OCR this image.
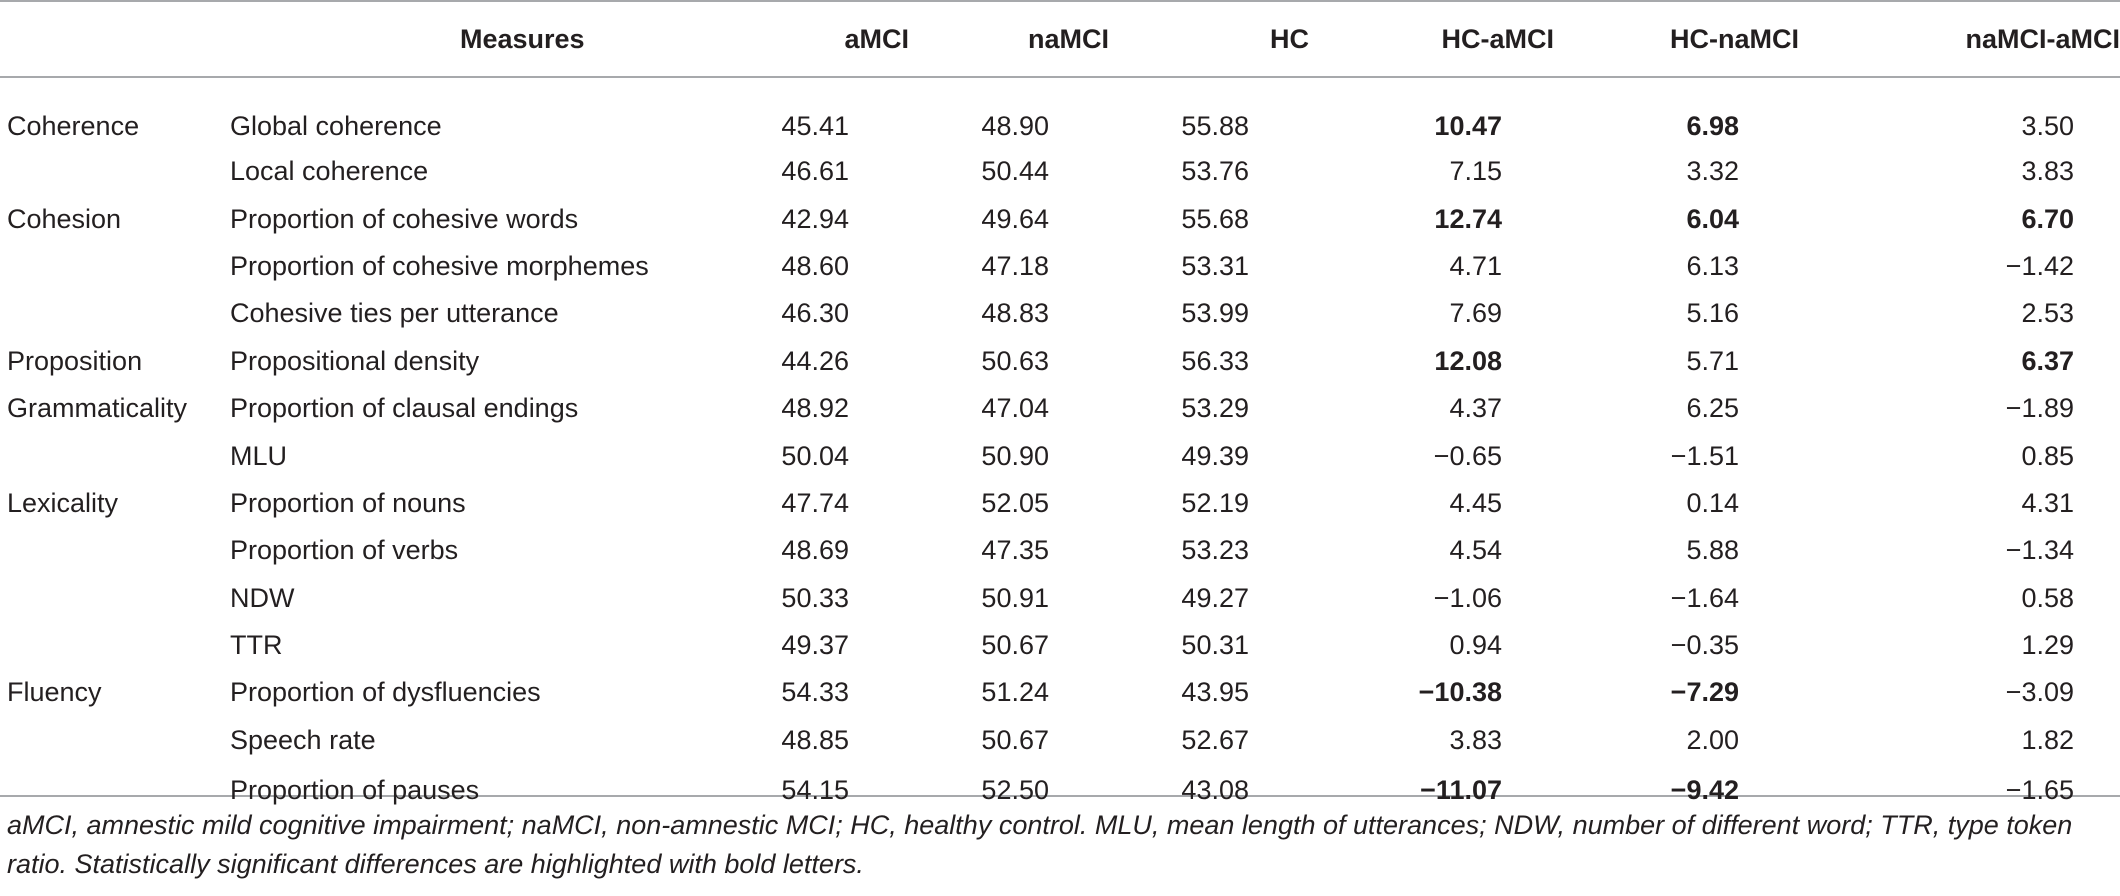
	Measures	aMCI	naMCI	HC	HC-aMCI	HC-naMCI	naMCI-aMCI
Coherence	Global coherence	45.41	48.90	55.88	10.47	6.98	3.50
	Local coherence	46.61	50.44	53.76	7.15	3.32	3.83
Cohesion	Proportion of cohesive words	42.94	49.64	55.68	12.74	6.04	6.70
	Proportion of cohesive morphemes	48.60	47.18	53.31	4.71	6.13	−1.42
	Cohesive ties per utterance	46.30	48.83	53.99	7.69	5.16	2.53
Proposition	Propositional density	44.26	50.63	56.33	12.08	5.71	6.37
Grammaticality	Proportion of clausal endings	48.92	47.04	53.29	4.37	6.25	−1.89
	MLU	50.04	50.90	49.39	−0.65	−1.51	0.85
Lexicality	Proportion of nouns	47.74	52.05	52.19	4.45	0.14	4.31
	Proportion of verbs	48.69	47.35	53.23	4.54	5.88	−1.34
	NDW	50.33	50.91	49.27	−1.06	−1.64	0.58
	TTR	49.37	50.67	50.31	0.94	−0.35	1.29
Fluency	Proportion of dysfluencies	54.33	51.24	43.95	−10.38	−7.29	−3.09
	Speech rate	48.85	50.67	52.67	3.83	2.00	1.82
	Proportion of pauses	54.15	52.50	43.08	−11.07	−9.42	−1.65
aMCI, amnestic mild cognitive impairment; naMCI, non-amnestic MCI; HC, healthy control. MLU, mean length of utterances; NDW, number of different word; TTR, type token ratio. Statistically significant differences are highlighted with bold letters.
